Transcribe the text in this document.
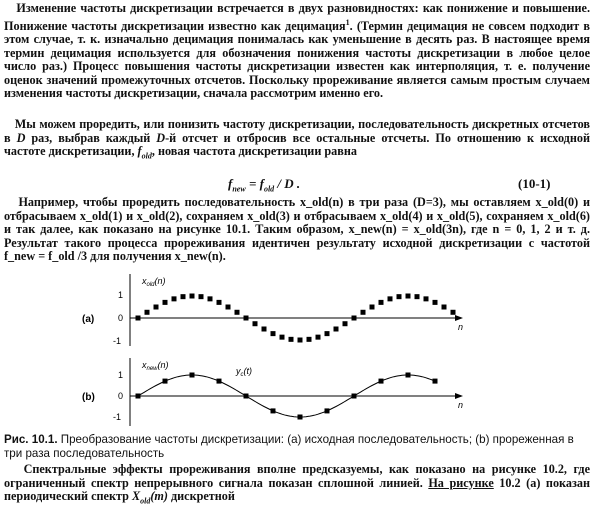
Изменение частоты дискретизации встречается в двух разновидностях: как понижение и повышение. Понижение частоты дискретизации известно как децимация$^1$. (Термин децимация не совсем подходит в этом случае, т. к. изначально децимация понималась как уменьшение в десять раз. В настоящее время термин децимация используется для обозначения понижения частоты дискретизации в любое целое число раз.) Процесс повышения частоты дискретизации известен как интерполяция, т. е. получение оценок значений промежуточных отсчетов. Поскольку прореживание является самым простым случаем изменения частоты дискретизации, сначала рассмотрим именно его.
Мы можем проредить, или понизить частоту дискретизации, последовательность дискретных отсчетов в D раз, выбрав каждый D-й отсчет и отбросив все остальные отсчеты. По отношению к исходной частоте дискретизации, $f_{old}$, новая частота дискретизации равна
$f_{new} = f_{old} / D$ .	(10-1)
Например, чтобы проредить последовательность x_old(n) в три раза (D=3), мы оставляем x_old(0) и отбрасываем x_old(1) и x_old(2), сохраняем x_old(3) и отбрасываем x_old(4) и x_old(5), сохраняем x_old(6) и так далее, как показано на рисунке 10.1. Таким образом, x_new(n) = x_old(3n), где n = 0, 1, 2 и т. д. Результат такого процесса прореживания идентичен результату исходной дискретизации с частотой f_new = f_old /3 для получения x_new(n).
(a)
$x_{old}(n)$
1
0
-1
n
(b)
$x_{new}(n)$
1
0
-1
n
$y_c(t)$
Рис. 10.1. Преобразование частоты дискретизации: (a) исходная последовательность; (b) прореженная в три раза последовательность
Спектральные эффекты прореживания вполне предсказуемы, как показано на рисунке 10.2, где ограниченный спектр непрерывного сигнала показан сплошной линией. На рисунке 10.2 (a) показан периодический спектр $X_{old}(m)$ дискретной
